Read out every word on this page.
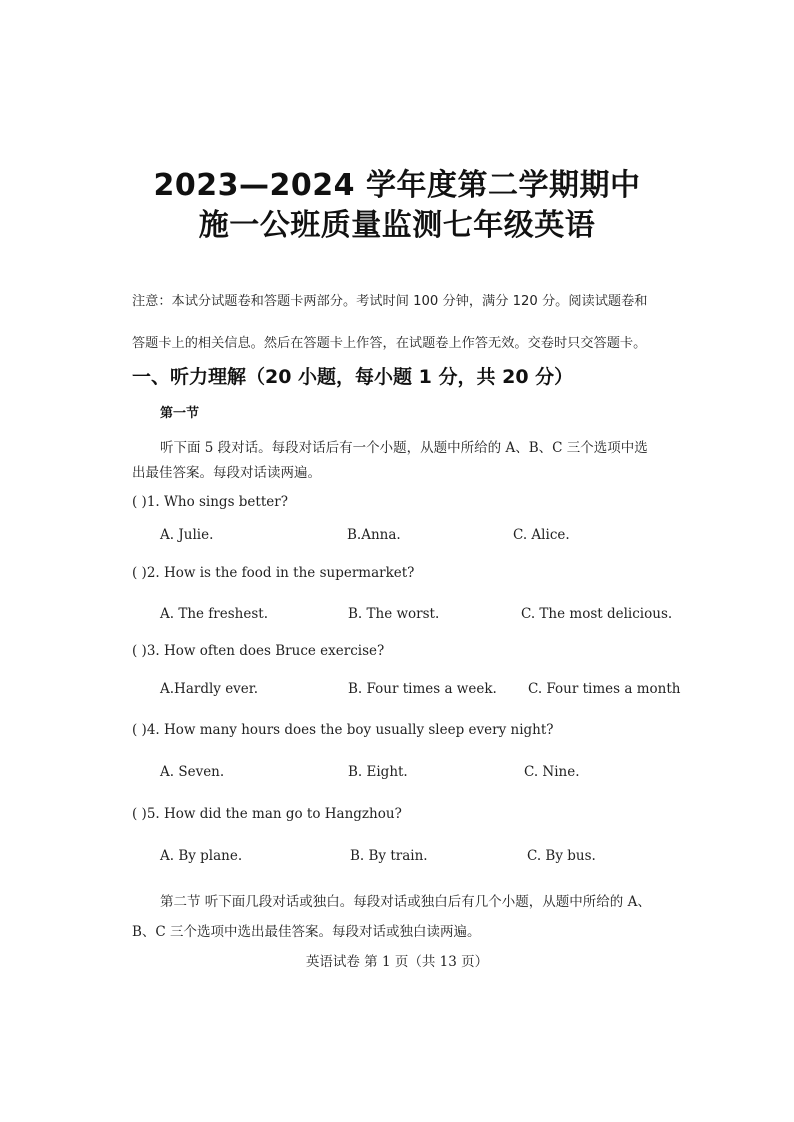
2023—2024 学年度第二学期期中
施一公班质量监测七年级英语
注意：本试分试题卷和答题卡两部分。考试时间 100 分钟，满分 120 分。阅读试题卷和
答题卡上的相关信息。然后在答题卡上作答，在试题卷上作答无效。交卷时只交答题卡。
一、听力理解（20 小题，每小题 1 分，共 20 分）
第一节
听下面 5 段对话。每段对话后有一个小题，从题中所给的 A、B、C 三个选项中选
出最佳答案。每段对话读两遍。
( )1. Who sings better?
A. Julie.	B.Anna.	C. Alice.
( )2. How is the food in the supermarket?
A. The freshest.	B. The worst.	C. The most delicious.
( )3. How often does Bruce exercise?
A.Hardly ever.	B. Four times a week. C. Four times a month
( )4. How many hours does the boy usually sleep every night?
A. Seven.	B. Eight.	C. Nine.
( )5. How did the man go to Hangzhou?
A. By plane.	B. By train.	C. By bus.
第二节 听下面几段对话或独白。每段对话或独白后有几个小题，从题中所给的 A、
B、C 三个选项中选出最佳答案。每段对话或独白读两遍。
英语试卷 第 1 页（共 13 页）
